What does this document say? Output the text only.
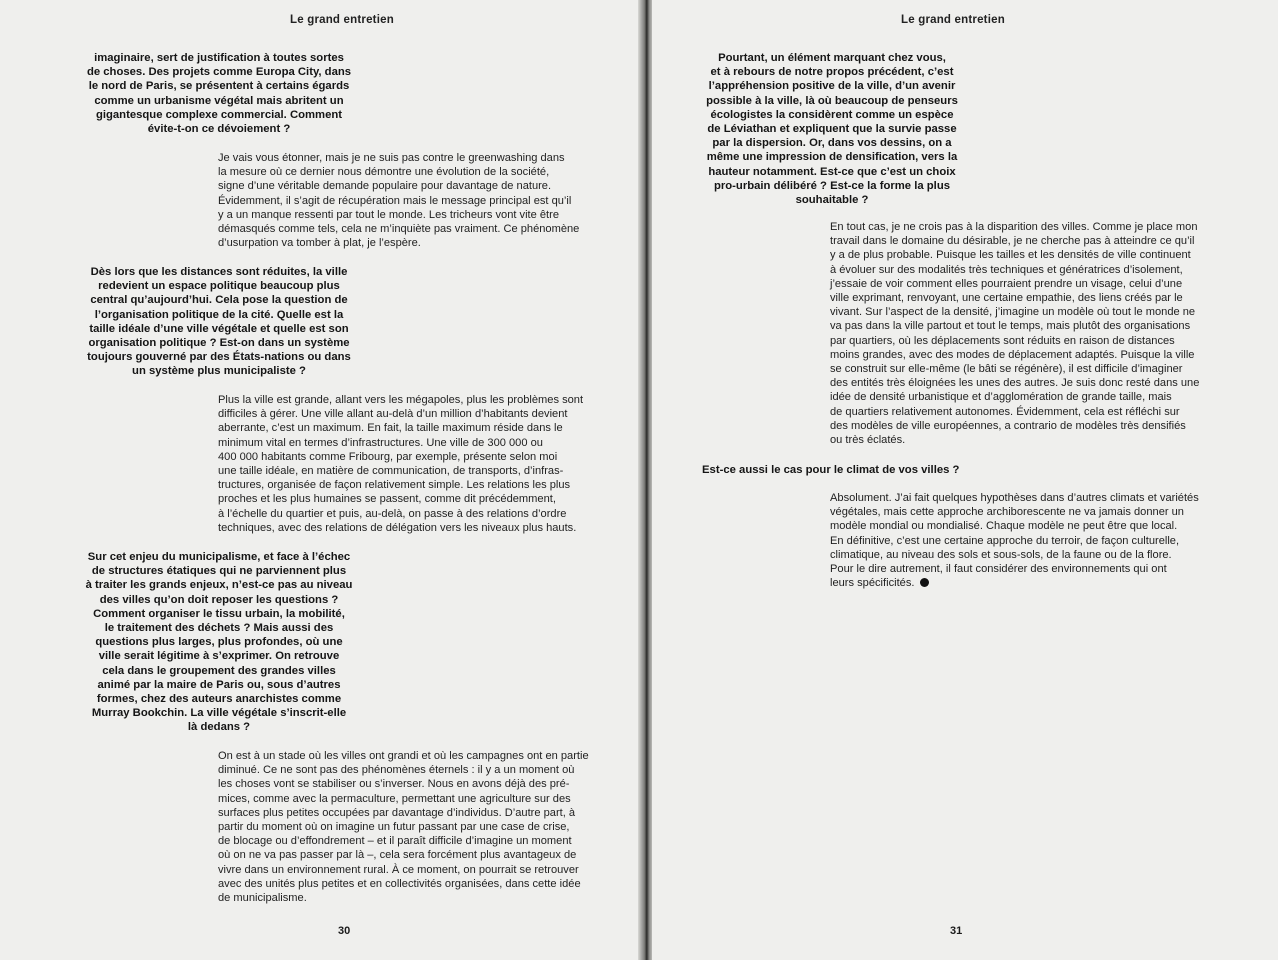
Le grand entretien
imaginaire, sert de justification à toutes sortes
de choses. Des projets comme Europa City, dans
le nord de Paris, se présentent à certains égards
comme un urbanisme végétal mais abritent un
gigantesque complexe commercial. Comment
évite-t-on ce dévoiement ?
Je vais vous étonner, mais je ne suis pas contre le greenwashing dans
la mesure où ce dernier nous démontre une évolution de la société,
signe d’une véritable demande populaire pour davantage de nature.
Évidemment, il s’agit de récupération mais le message principal est qu’il
y a un manque ressenti par tout le monde. Les tricheurs vont vite être
démasqués comme tels, cela ne m’inquiète pas vraiment. Ce phénomène
d’usurpation va tomber à plat, je l’espère.
Dès lors que les distances sont réduites, la ville
redevient un espace politique beaucoup plus
central qu’aujourd’hui. Cela pose la question de
l’organisation politique de la cité. Quelle est la
taille idéale d’une ville végétale et quelle est son
organisation politique ? Est-on dans un système
toujours gouverné par des États-nations ou dans
un système plus municipaliste ?
Plus la ville est grande, allant vers les mégapoles, plus les problèmes sont
difficiles à gérer. Une ville allant au-delà d’un million d’habitants devient
aberrante, c’est un maximum. En fait, la taille maximum réside dans le
minimum vital en termes d’infrastructures. Une ville de 300 000 ou
400 000 habitants comme Fribourg, par exemple, présente selon moi
une taille idéale, en matière de communication, de transports, d’infras-
tructures, organisée de façon relativement simple. Les relations les plus
proches et les plus humaines se passent, comme dit précédemment,
à l’échelle du quartier et puis, au-delà, on passe à des relations d’ordre
techniques, avec des relations de délégation vers les niveaux plus hauts.
Sur cet enjeu du municipalisme, et face à l’échec
de structures étatiques qui ne parviennent plus
à traiter les grands enjeux, n’est-ce pas au niveau
des villes qu’on doit reposer les questions ?
Comment organiser le tissu urbain, la mobilité,
le traitement des déchets ? Mais aussi des
questions plus larges, plus profondes, où une
ville serait légitime à s’exprimer. On retrouve
cela dans le groupement des grandes villes
animé par la maire de Paris ou, sous d’autres
formes, chez des auteurs anarchistes comme
Murray Bookchin. La ville végétale s’inscrit-elle
là dedans ?
On est à un stade où les villes ont grandi et où les campagnes ont en partie
diminué. Ce ne sont pas des phénomènes éternels : il y a un moment où
les choses vont se stabiliser ou s’inverser. Nous en avons déjà des pré-
mices, comme avec la permaculture, permettant une agriculture sur des
surfaces plus petites occupées par davantage d’individus. D’autre part, à
partir du moment où on imagine un futur passant par une case de crise,
de blocage ou d’effondrement – et il paraît difficile d’imagine un moment
où on ne va pas passer par là –, cela sera forcément plus avantageux de
vivre dans un environnement rural. À ce moment, on pourrait se retrouver
avec des unités plus petites et en collectivités organisées, dans cette idée
de municipalisme.
30
Le grand entretien
Pourtant, un élément marquant chez vous,
et à rebours de notre propos précédent, c’est
l’appréhension positive de la ville, d’un avenir
possible à la ville, là où beaucoup de penseurs
écologistes la considèrent comme un espèce
de Léviathan et expliquent que la survie passe
par la dispersion. Or, dans vos dessins, on a
même une impression de densification, vers la
hauteur notamment. Est-ce que c’est un choix
pro-urbain délibéré ? Est-ce la forme la plus
souhaitable ?
En tout cas, je ne crois pas à la disparition des villes. Comme je place mon
travail dans le domaine du désirable, je ne cherche pas à atteindre ce qu’il
y a de plus probable. Puisque les tailles et les densités de ville continuent
à évoluer sur des modalités très techniques et génératrices d’isolement,
j’essaie de voir comment elles pourraient prendre un visage, celui d’une
ville exprimant, renvoyant, une certaine empathie, des liens créés par le
vivant. Sur l’aspect de la densité, j’imagine un modèle où tout le monde ne
va pas dans la ville partout et tout le temps, mais plutôt des organisations
par quartiers, où les déplacements sont réduits en raison de distances
moins grandes, avec des modes de déplacement adaptés. Puisque la ville
se construit sur elle-même (le bâti se régénère), il est difficile d’imaginer
des entités très éloignées les unes des autres. Je suis donc resté dans une
idée de densité urbanistique et d’agglomération de grande taille, mais
de quartiers relativement autonomes. Évidemment, cela est réfléchi sur
des modèles de ville européennes, a contrario de modèles très densifiés
ou très éclatés.
Est-ce aussi le cas pour le climat de vos villes ?
Absolument. J’ai fait quelques hypothèses dans d’autres climats et variétés
végétales, mais cette approche archiborescente ne va jamais donner un
modèle mondial ou mondialisé. Chaque modèle ne peut être que local.
En définitive, c’est une certaine approche du terroir, de façon culturelle,
climatique, au niveau des sols et sous-sols, de la faune ou de la flore.
Pour le dire autrement, il faut considérer des environnements qui ont
leurs spécificités.
31
